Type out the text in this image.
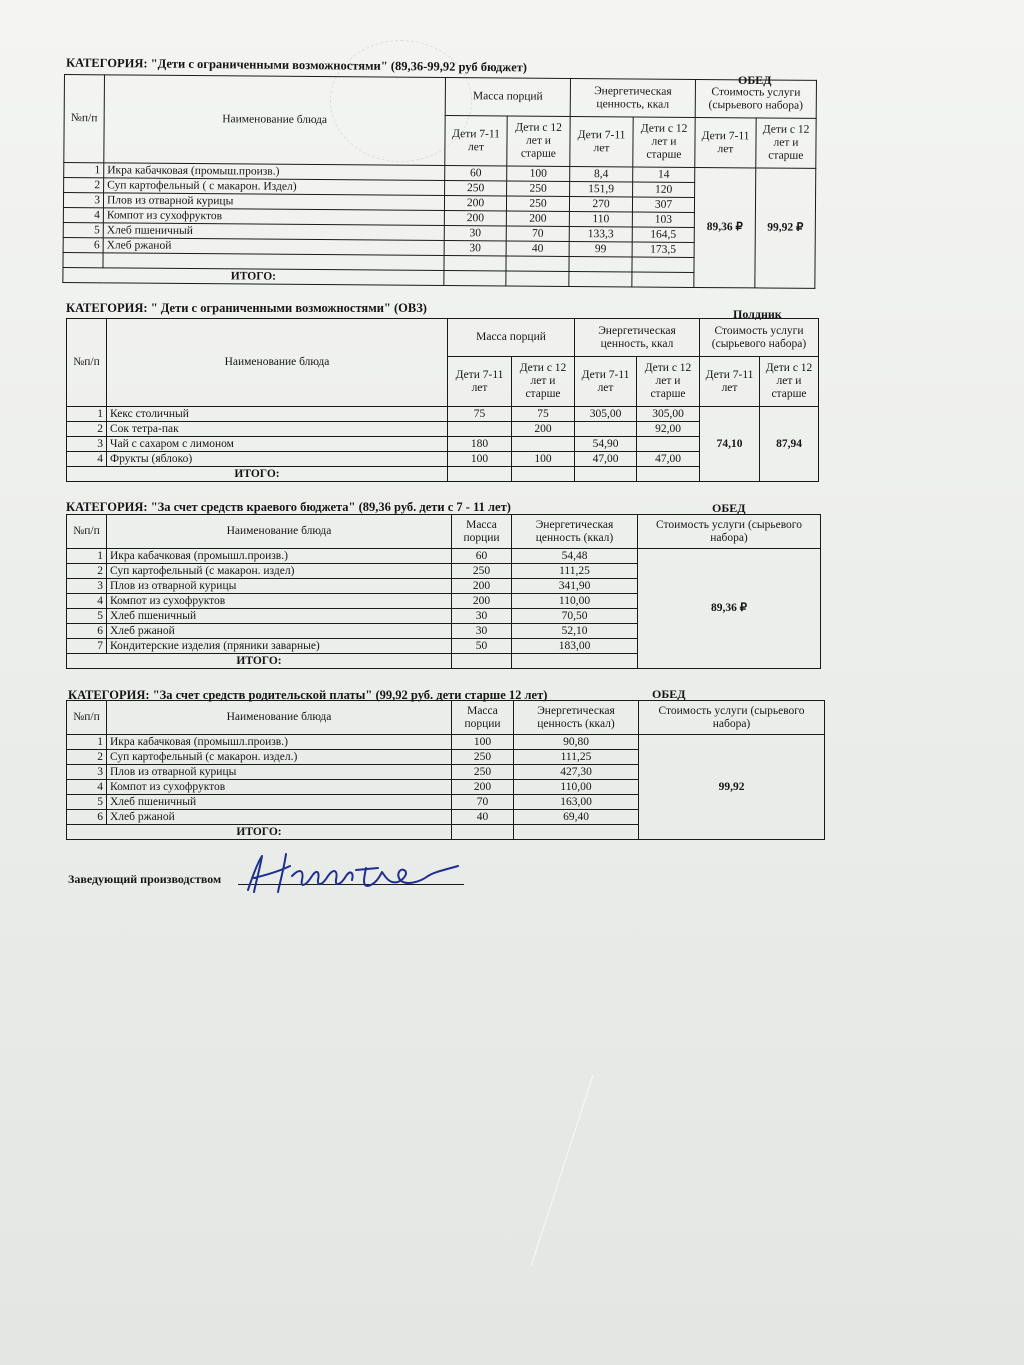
КАТЕГОРИЯ: "Дети с ограниченными возможностями" (89,36-99,92 руб бюджет)
ОБЕД
№п/п	Наименование блюда	Масса порций		Энергетическая ценность, ккал		Стоимость услуги (сырьевого набора)	
		Дети 7-11 лет	Дети с 12 лет и старше	Дети 7-11 лет	Дети с 12 лет и старше	Дети 7-11 лет	Дети с 12 лет и старше
1	Икра кабачковая (промыш.произв.)	60	100	8,4	14	89,36 ₽	99,92 ₽
2	Суп картофельный ( с макарон. Издел)	250	250	151,9	120		
3	Плов из отварной курицы	200	250	270	307		
4	Компот из сухофруктов	200	200	110	103		
5	Хлеб пшеничный	30	70	133,3	164,5		
6	Хлеб ржаной	30	40	99	173,5		

ИТОГО:							
КАТЕГОРИЯ: " Дети с ограниченными возможностями" (ОВЗ)	Полдник
№п/п	Наименование блюда	Масса порций		Энергетическая ценность, ккал		Стоимость услуги (сырьевого набора)	
		Дети 7-11 лет	Дети с 12 лет и старше	Дети 7-11 лет	Дети с 12 лет и старше	Дети 7-11 лет	Дети с 12 лет и старше
1	Кекс столичный	75	75	305,00	305,00	74,10	87,94
2	Сок тетра-пак		200		92,00		
3	Чай с сахаром с лимоном	180		54,90			
4	Фрукты (яблоко)	100	100	47,00	47,00		
ИТОГО:							
КАТЕГОРИЯ: "За счет средств краевого бюджета" (89,36 руб. дети с 7 - 11 лет)	ОБЕД
№п/п	Наименование блюда	Масса порции	Энергетическая ценность (ккал)	Стоимость услуги (сырьевого набора)
1	Икра кабачковая (промышл.произв.)	60	54,48	89,36 ₽
2	Суп картофельный (с макарон. издел)	250	111,25	
3	Плов из отварной курицы	200	341,90	
4	Компот из сухофруктов	200	110,00	
5	Хлеб пшеничный	30	70,50	
6	Хлеб ржаной	30	52,10	
7	Кондитерские изделия (пряники заварные)	50	183,00	
ИТОГО:				
КАТЕГОРИЯ: "За счет средств родительской платы" (99,92 руб. дети старше 12 лет)	ОБЕД
№п/п	Наименование блюда	Масса порции	Энергетическая ценность (ккал)	Стоимость услуги (сырьевого набора)
1	Икра кабачковая (промышл.произв.)	100	90,80	99,92
2	Суп картофельный (с макарон. издел.)	250	111,25	
3	Плов из отварной курицы	250	427,30	
4	Компот из сухофруктов	200	110,00	
5	Хлеб пшеничный	70	163,00	
6	Хлеб ржаной	40	69,40	
ИТОГО:				
Заведующий производством
